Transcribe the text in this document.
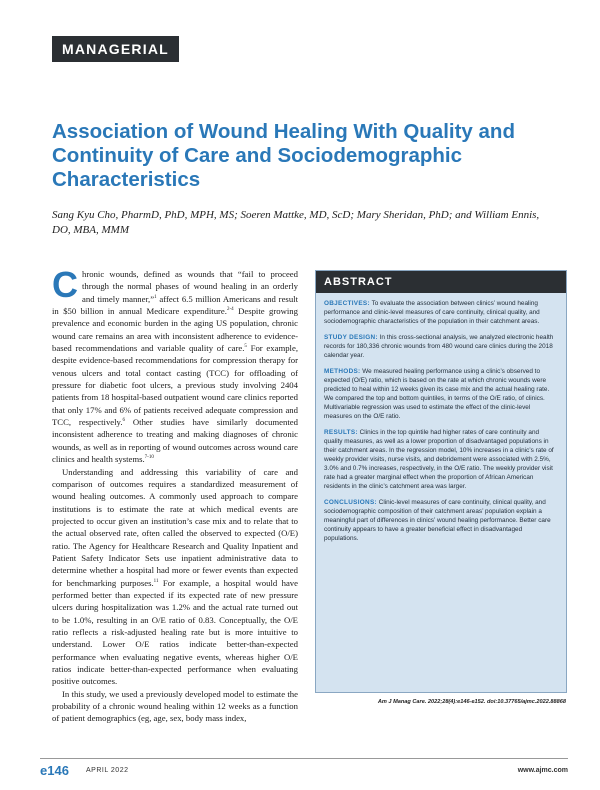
MANAGERIAL
Association of Wound Healing With Quality and Continuity of Care and Sociodemographic Characteristics
Sang Kyu Cho, PharmD, PhD, MPH, MS; Soeren Mattke, MD, ScD; Mary Sheridan, PhD; and William Ennis, DO, MBA, MMM

Chronic wounds, defined as wounds that “fail to proceed through the normal phases of wound healing in an orderly and timely manner,”$^1$ affect 6.5 million Americans and result in $50 billion in annual Medicare expenditure.$^{2-4}$ Despite growing prevalence and economic burden in the aging US population, chronic wound care remains an area with inconsistent adherence to evidence-based recommendations and variable quality of care.$^5$ For example, despite evidence-based recommendations for compression therapy for venous ulcers and total contact casting (TCC) for offloading of pressure for diabetic foot ulcers, a previous study involving 2404 patients from 18 hospital-based outpatient wound care clinics reported that only 17% and 6% of patients received adequate compression and TCC, respectively.$^6$ Other studies have similarly documented inconsistent adherence to treating and making diagnoses of chronic wounds, as well as in reporting of wound outcomes across wound care clinics and health systems.$^{7-10}$

Understanding and addressing this variability of care and comparison of outcomes requires a standardized measurement of wound healing outcomes. A commonly used approach to compare institutions is to estimate the rate at which medical events are projected to occur given an institution’s case mix and to relate that to the actual observed rate, often called the observed to expected (O/E) ratio. The Agency for Healthcare Research and Quality Inpatient and Patient Safety Indicator Sets use inpatient administrative data to determine whether a hospital had more or fewer events than expected for benchmarking purposes.$^{11}$ For example, a hospital would have performed better than expected if its expected rate of new pressure ulcers during hospitalization was 1.2% and the actual rate turned out to be 1.0%, resulting in an O/E ratio of 0.83. Conceptually, the O/E ratio reflects a risk-adjusted healing rate but is more intuitive to understand. Lower O/E ratios indicate better-than-expected performance when evaluating negative events, whereas higher O/E ratios indicate better-than-expected performance when evaluating positive outcomes.

In this study, we used a previously developed model to estimate the probability of a chronic wound healing within 12 weeks as a function of patient demographics (eg, age, sex, body mass index,

ABSTRACT

OBJECTIVES: To evaluate the association between clinics’ wound healing performance and clinic-level measures of care continuity, clinical quality, and sociodemographic characteristics of the population in their catchment areas.

STUDY DESIGN: In this cross-sectional analysis, we analyzed electronic health records for 180,336 chronic wounds from 480 wound care clinics during the 2018 calendar year.

METHODS: We measured healing performance using a clinic’s observed to expected (O/E) ratio, which is based on the rate at which chronic wounds were predicted to heal within 12 weeks given its case mix and the actual healing rate. We compared the top and bottom quintiles, in terms of the O/E ratio, of clinics. Multivariable regression was used to estimate the effect of the clinic-level measures on the O/E ratio.

RESULTS: Clinics in the top quintile had higher rates of care continuity and quality measures, as well as a lower proportion of disadvantaged populations in their catchment areas. In the regression model, 10% increases in a clinic’s rate of weekly provider visits, nurse visits, and debridement were associated with 2.5%, 3.0% and 0.7% increases, respectively, in the O/E ratio. The weekly provider visit rate had a greater marginal effect when the proportion of African American residents in the clinic’s catchment area was larger.

CONCLUSIONS: Clinic-level measures of care continuity, clinical quality, and sociodemographic composition of their catchment areas’ population explain a meaningful part of differences in clinics’ wound healing performance. Better care continuity appears to have a greater beneficial effect in disadvantaged populations.

Am J Manag Care. 2022;28(4):e146-e152. doi:10.37765/ajmc.2022.88868
e146 APRIL 2022	www.ajmc.com
